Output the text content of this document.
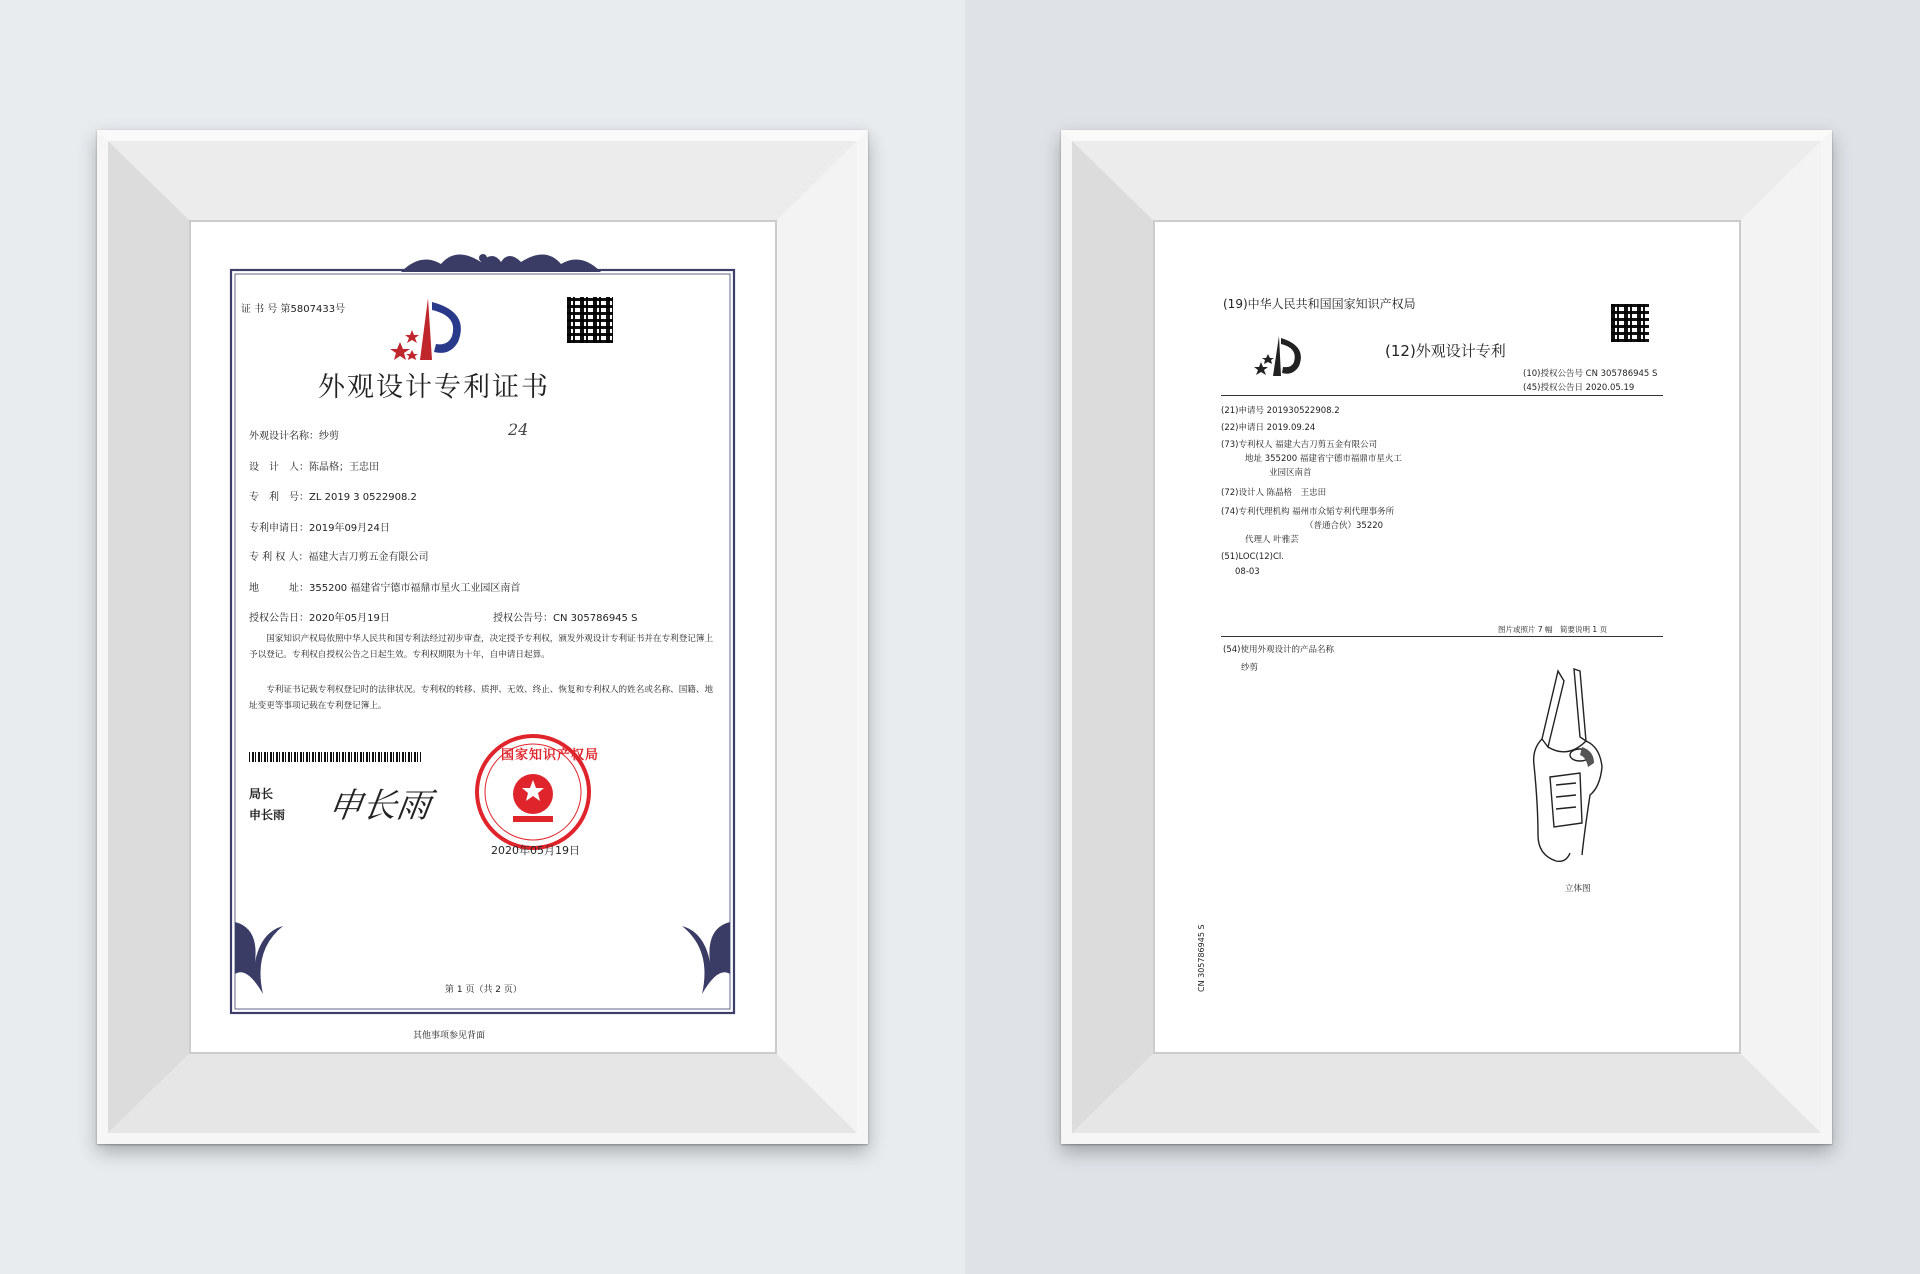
证 书 号 第5807433号
外观设计专利证书
24
外观设计名称：纱剪
设　计　人：陈晶格；王忠田
专　利　号：ZL 2019 3 0522908.2
专利申请日：2019年09月24日
专 利 权 人：福建大吉刀剪五金有限公司
地　　　址：355200 福建省宁德市福鼎市星火工业园区南首
授权公告日：2020年05月19日	授权公告号：CN 305786945 S
国家知识产权局依照中华人民共和国专利法经过初步审查，决定授予专利权，颁发外观设计专利证书并在专利登记簿上予以登记。专利权自授权公告之日起生效。专利权期限为十年，自申请日起算。
专利证书记载专利权登记时的法律状况。专利权的转移、质押、无效、终止、恢复和专利权人的姓名或名称、国籍、地址变更等事项记载在专利登记簿上。
局长
申长雨 申长雨
国家知识产权局
2020年05月19日
第 1 页（共 2 页）
其他事项参见背面
(19)中华人民共和国国家知识产权局
(12)外观设计专利
(10)授权公告号 CN 305786945 S
(45)授权公告日 2020.05.19
(21)申请号 201930522908.2
(22)申请日 2019.09.24
(73)专利权人 福建大吉刀剪五金有限公司
地址 355200 福建省宁德市福鼎市星火工
业园区南首
(72)设计人 陈晶格　王忠田
(74)专利代理机构 福州市众韬专利代理事务所
（普通合伙）35220
代理人 叶雅芸
(51)LOC(12)Cl.
08-03
图片或照片 7 幅　简要说明 1 页
(54)使用外观设计的产品名称
纱剪
立体图
CN 305786945 S
